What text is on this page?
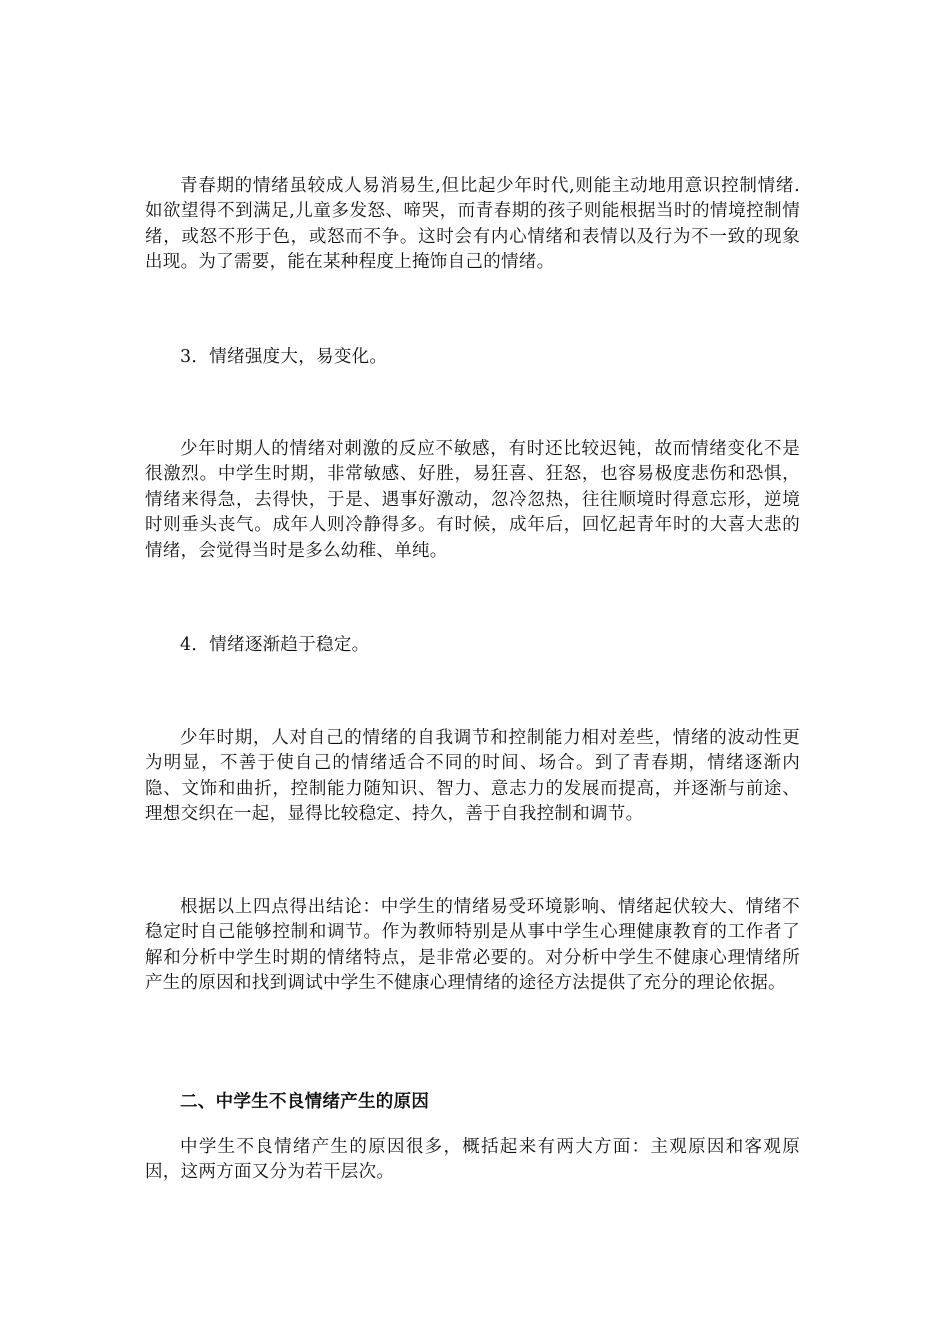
青春期的情绪虽较成人易消易生,但比起少年时代,则能主动地用意识控制情绪.如欲望得不到满足,儿童多发怒、啼哭，而青春期的孩子则能根据当时的情境控制情绪，或怒不形于色，或怒而不争。这时会有内心情绪和表情以及行为不一致的现象出现。为了需要，能在某种程度上掩饰自己的情绪。

3．情绪强度大，易变化。

少年时期人的情绪对刺激的反应不敏感，有时还比较迟钝，故而情绪变化不是很激烈。中学生时期，非常敏感、好胜，易狂喜、狂怒，也容易极度悲伤和恐惧，情绪来得急，去得快，于是、遇事好激动，忽冷忽热，往往顺境时得意忘形，逆境时则垂头丧气。成年人则冷静得多。有时候，成年后，回忆起青年时的大喜大悲的情绪，会觉得当时是多么幼稚、单纯。

4．情绪逐渐趋于稳定。

少年时期，人对自己的情绪的自我调节和控制能力相对差些，情绪的波动性更为明显，不善于使自己的情绪适合不同的时间、场合。到了青春期，情绪逐渐内隐、文饰和曲折，控制能力随知识、智力、意志力的发展而提高，并逐渐与前途、理想交织在一起，显得比较稳定、持久，善于自我控制和调节。

根据以上四点得出结论：中学生的情绪易受环境影响、情绪起伏较大、情绪不稳定时自己能够控制和调节。作为教师特别是从事中学生心理健康教育的工作者了解和分析中学生时期的情绪特点，是非常必要的。对分析中学生不健康心理情绪所产生的原因和找到调试中学生不健康心理情绪的途径方法提供了充分的理论依据。

二、中学生不良情绪产生的原因

中学生不良情绪产生的原因很多，概括起来有两大方面：主观原因和客观原因，这两方面又分为若干层次。
